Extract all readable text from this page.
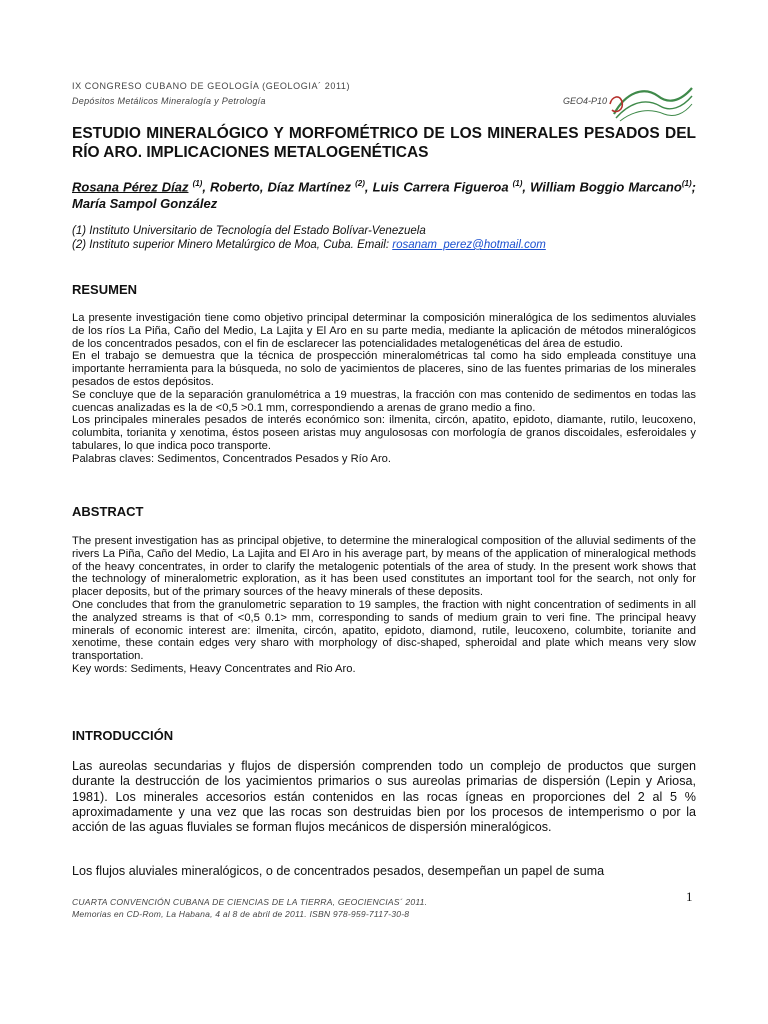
IX CONGRESO CUBANO DE GEOLOGÍA (GEOLOGIA´ 2011)
Depósitos Metálicos Mineralogía y Petrología	GEO4-P10
ESTUDIO MINERALÓGICO Y MORFOMÉTRICO DE LOS MINERALES PESADOS DEL RÍO ARO. IMPLICACIONES METALOGENÉTICAS

Rosana Pérez Díaz $^{(1)}$, Roberto, Díaz Martínez $^{(2)}$, Luis Carrera Figueroa $^{(1)}$, William Boggio Marcano$^{(1)}$; María Sampol González

(1) Instituto Universitario de Tecnología del Estado Bolívar-Venezuela

(2) Instituto superior Minero Metalúrgico de Moa, Cuba. Email: rosanam_perez@hotmail.com

RESUMEN

La presente investigación tiene como objetivo principal determinar la composición mineralógica de los sedimentos aluviales de los ríos La Piña, Caño del Medio, La Lajita y El Aro en su parte media, mediante la aplicación de métodos mineralógicos de los concentrados pesados, con el fin de esclarecer las potencialidades metalogenéticas del área de estudio.

En el trabajo se demuestra que la técnica de prospección mineralométricas tal como ha sido empleada constituye una importante herramienta para la búsqueda, no solo de yacimientos de placeres, sino de las fuentes primarias de los minerales pesados de estos depósitos.

Se concluye que de la separación granulométrica a 19 muestras, la fracción con mas contenido de sedimentos en todas las cuencas analizadas es la de <0,5 >0.1 mm, correspondiendo a arenas de grano medio a fino.

Los principales minerales pesados de interés económico son: ilmenita, circón, apatito, epidoto, diamante, rutilo, leucoxeno, columbita, torianita y xenotima, éstos poseen aristas muy angulososas con morfología de granos discoidales, esferoidales y tabulares, lo que indica poco transporte.

Palabras claves: Sedimentos, Concentrados Pesados y Río Aro.

ABSTRACT

The present investigation has as principal objetive, to determine the mineralogical composition of the alluvial sediments of the rivers La Piña, Caño del Medio, La Lajita and El Aro in his average part, by means of the application of mineralogical methods of the heavy concentrates, in order to clarify the metalogenic potentials of the area of study. In the present work shows that the technology of mineralometric exploration, as it has been used constitutes an important tool for the search, not only for placer deposits, but of the primary sources of the heavy minerals of these deposits.

One concludes that from the granulometric separation to 19 samples, the fraction with night concentration of sediments in all the analyzed streams is that of <0,5 0.1> mm, corresponding to sands of medium grain to veri fine. The principal heavy minerals of economic interest are: ilmenita, circón, apatito, epidoto, diamond, rutile, leucoxeno, columbite, torianite and xenotime, these contain edges very sharo with morphology of disc-shaped, spheroidal and plate which means very slow transportation.

Key words: Sediments, Heavy Concentrates and Rio Aro.

INTRODUCCIÓN

Las aureolas secundarias y flujos de dispersión comprenden todo un complejo de productos que surgen durante la destrucción de los yacimientos primarios o sus aureolas primarias de dispersión (Lepin y Ariosa, 1981). Los minerales accesorios están contenidos en las rocas ígneas en proporciones del 2 al 5 % aproximadamente y una vez que las rocas son destruidas bien por los procesos de intemperismo o por la acción de las aguas fluviales se forman flujos mecánicos de dispersión mineralógicos.

Los flujos aluviales mineralógicos, o de concentrados pesados, desempeñan un papel de suma

1
CUARTA CONVENCIÓN CUBANA DE CIENCIAS DE LA TIERRA, GEOCIENCIAS´ 2011.
Memorias en CD-Rom, La Habana, 4 al 8 de abril de 2011. ISBN 978-959-7117-30-8
